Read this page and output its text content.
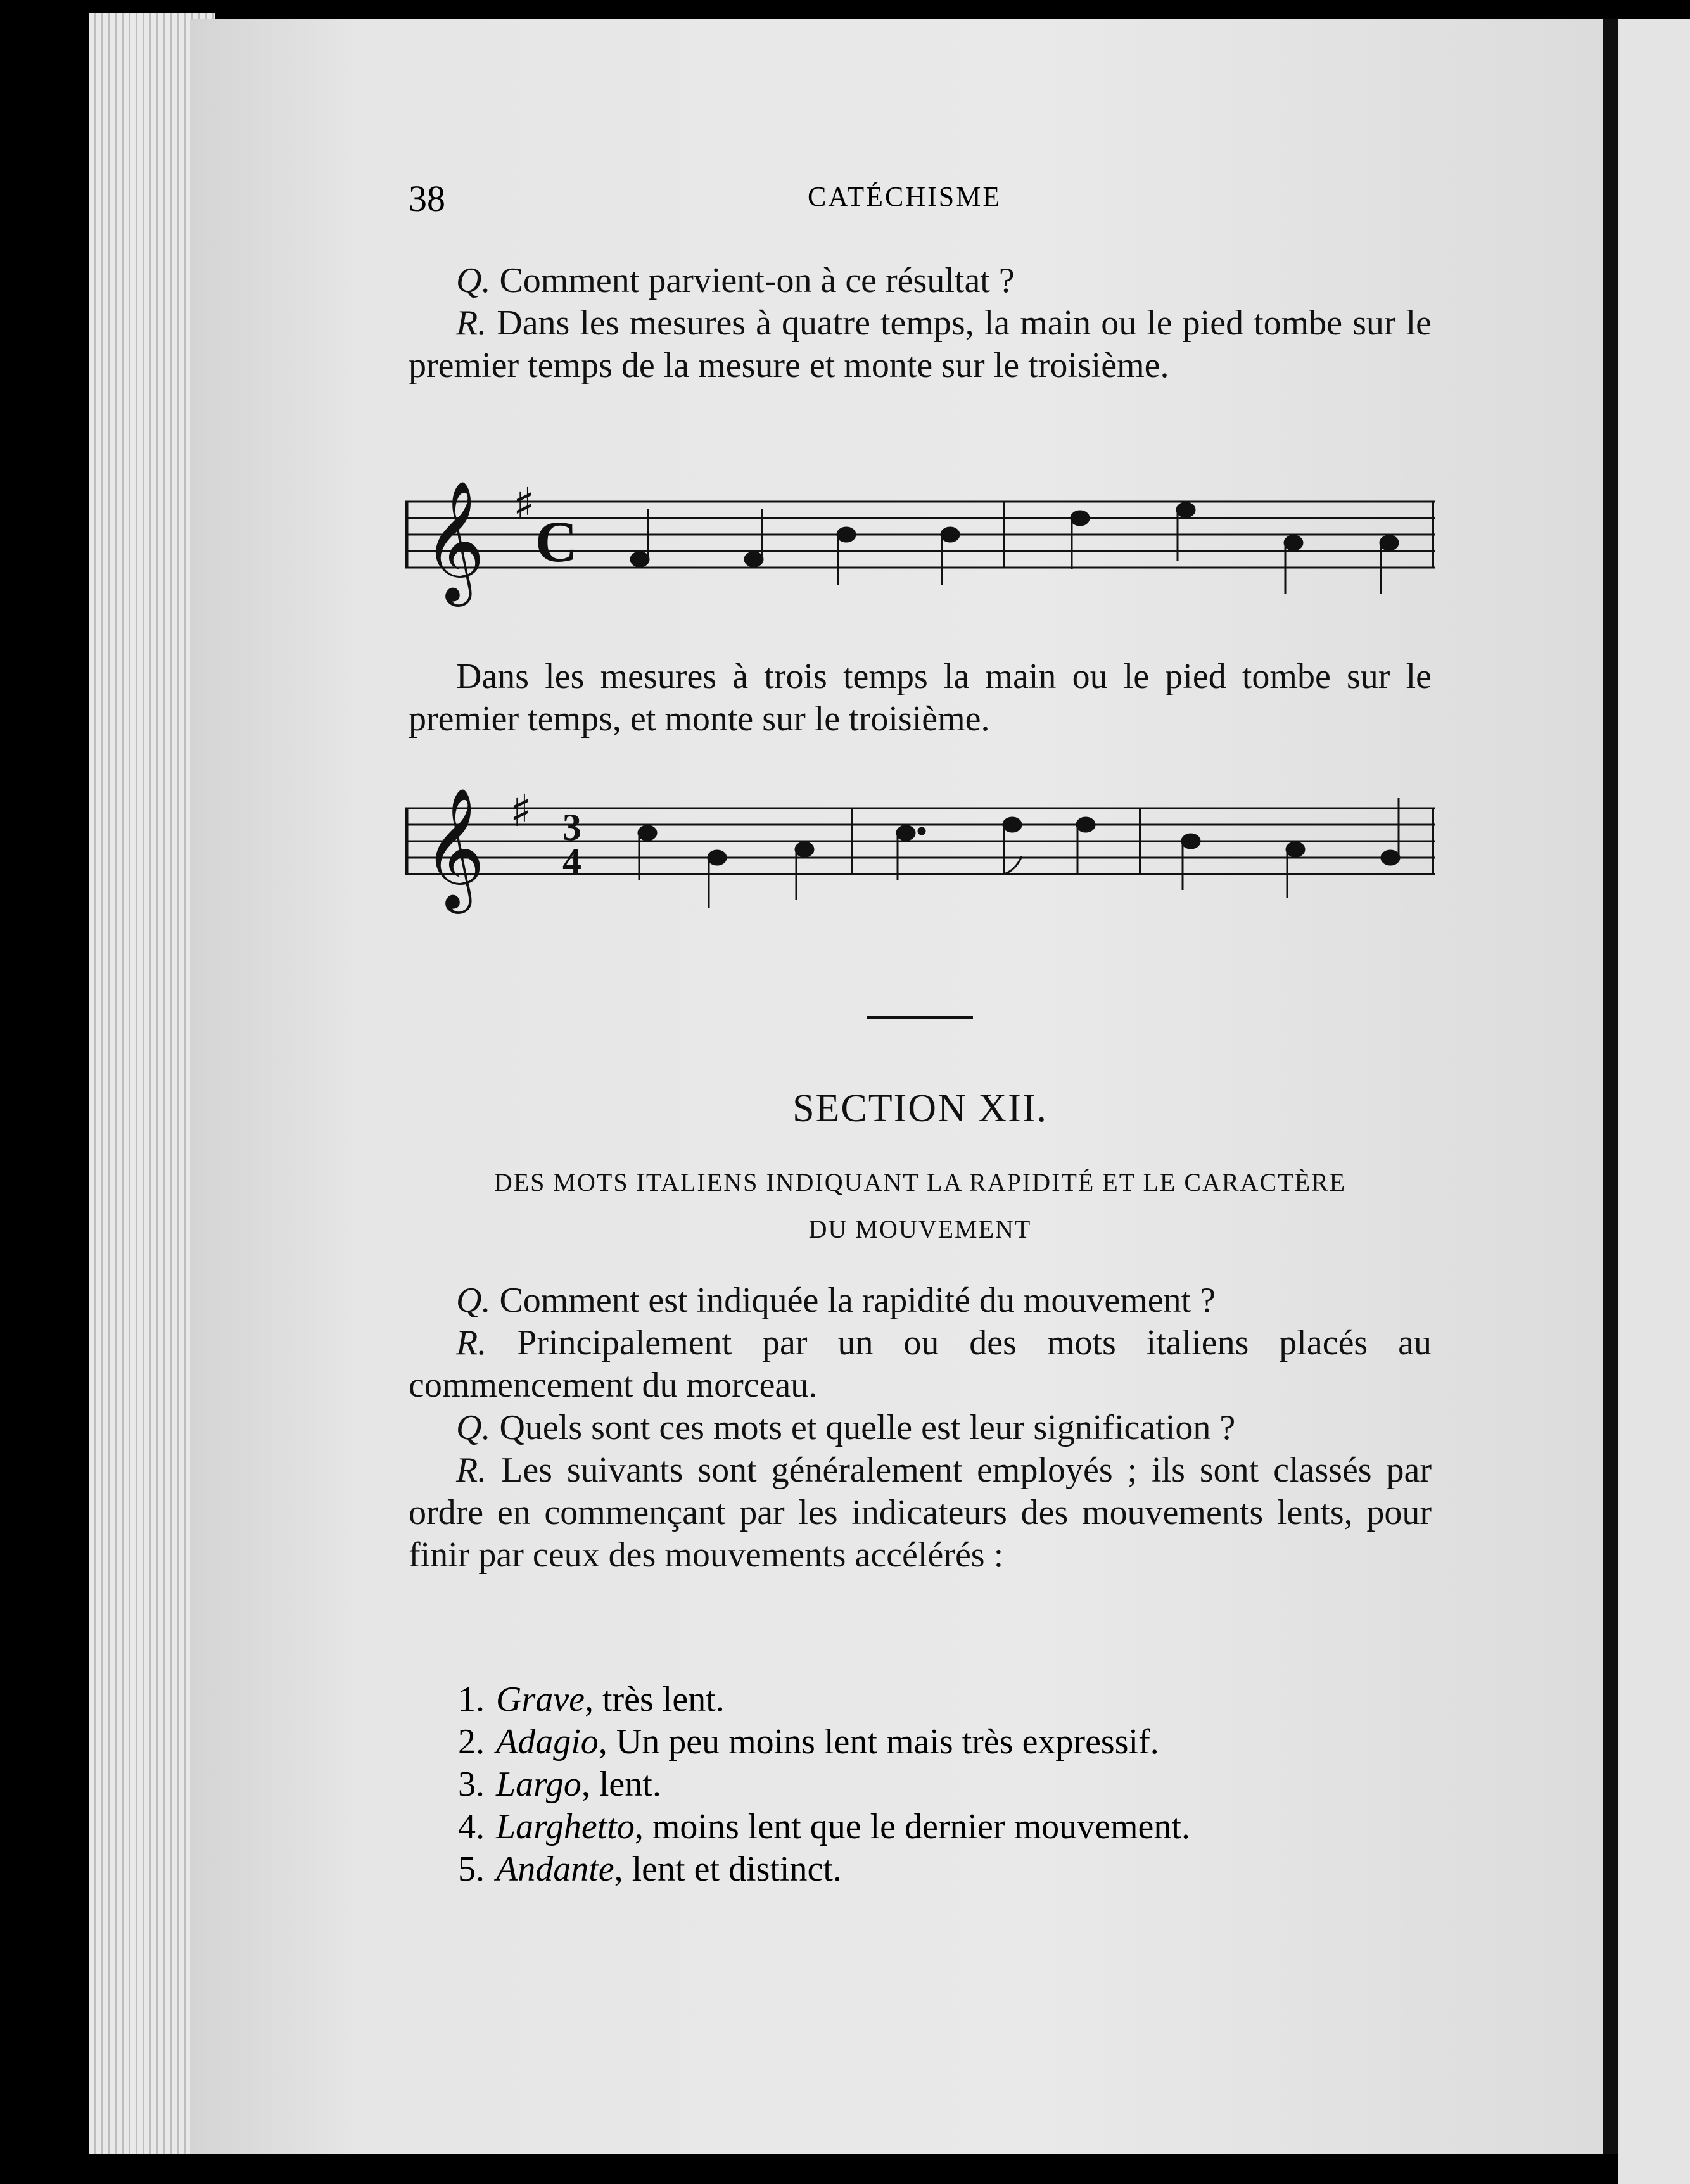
38	CATÉCHISME

Q. Comment parvient-on à ce résultat ?

R. Dans les mesures à quatre temps, la main ou le pied tombe sur le premier temps de la mesure et monte sur le troisième.

𝄞 ♯
C

Dans les mesures à trois temps la main ou le pied tombe sur le premier temps, et monte sur le troisième.

𝄞 ♯ 3
4
SECTION XII.
DES MOTS ITALIENS INDIQUANT LA RAPIDITÉ ET LE CARACTÈRE
DU MOUVEMENT

Q. Comment est indiquée la rapidité du mouvement ?

R. Principalement par un ou des mots italiens placés au commencement du morceau.

Q. Quels sont ces mots et quelle est leur signification ?

R. Les suivants sont généralement employés ; ils sont classés par ordre en commençant par les indicateurs des mouvements lents, pour finir par ceux des mouvements accélérés :

1. Grave, très lent.
2. Adagio, Un peu moins lent mais très expressif.
3. Largo, lent.
4. Larghetto, moins lent que le dernier mouvement.
5. Andante, lent et distinct.
